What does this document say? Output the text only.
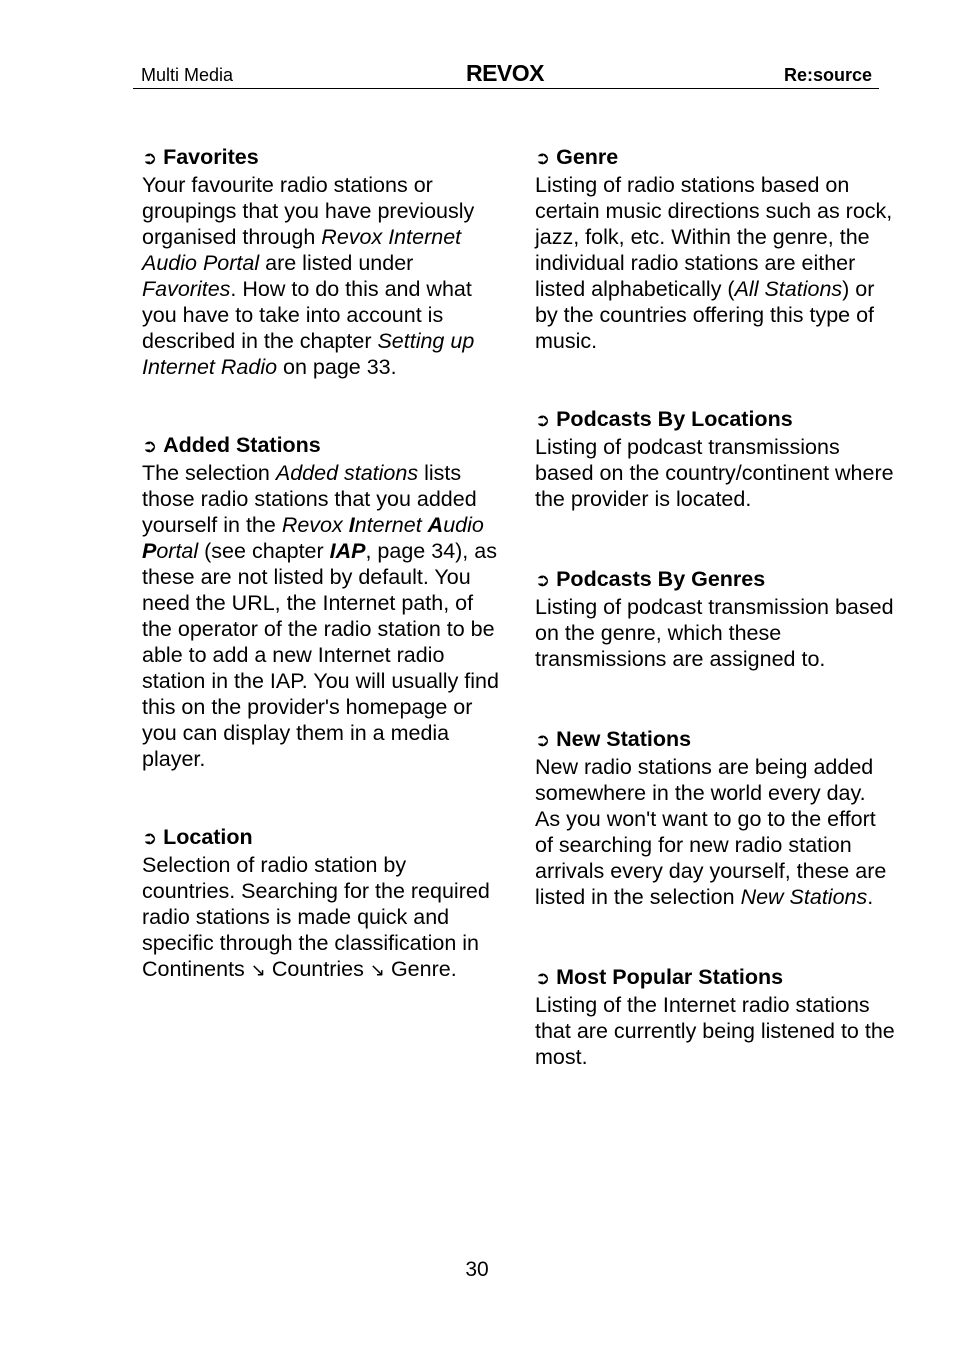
Multi Media	REVOX	Re:source
➲ Favorites

Your favourite radio stations or groupings that you have previously organised through Revox Internet Audio Portal are listed under Favorites. How to do this and what you have to take into account is described in the chapter Setting up Internet Radio on page 33.

➲ Added Stations

The selection Added stations lists those radio stations that you added yourself in the Revox Internet Audio Portal (see chapter IAP, page 34), as these are not listed by default. You need the URL, the Internet path, of the operator of the radio station to be able to add a new Internet radio station in the IAP. You will usually find this on the provider's homepage or you can display them in a media player.

➲ Location

Selection of radio station by countries. Searching for the required radio stations is made quick and specific through the classification in Continents ↘ Countries ↘ Genre.

➲ Genre

Listing of radio stations based on certain music directions such as rock, jazz, folk, etc. Within the genre, the individual radio stations are either listed alphabetically (All Stations) or by the countries offering this type of music.

➲ Podcasts By Locations

Listing of podcast transmissions based on the country/continent where the provider is located.

➲ Podcasts By Genres

Listing of podcast transmission based on the genre, which these transmissions are assigned to.

➲ New Stations

New radio stations are being added somewhere in the world every day. As you won't want to go to the effort of searching for new radio station arrivals every day yourself, these are listed in the selection New Stations.

➲ Most Popular Stations

Listing of the Internet radio stations that are currently being listened to the most.

30
